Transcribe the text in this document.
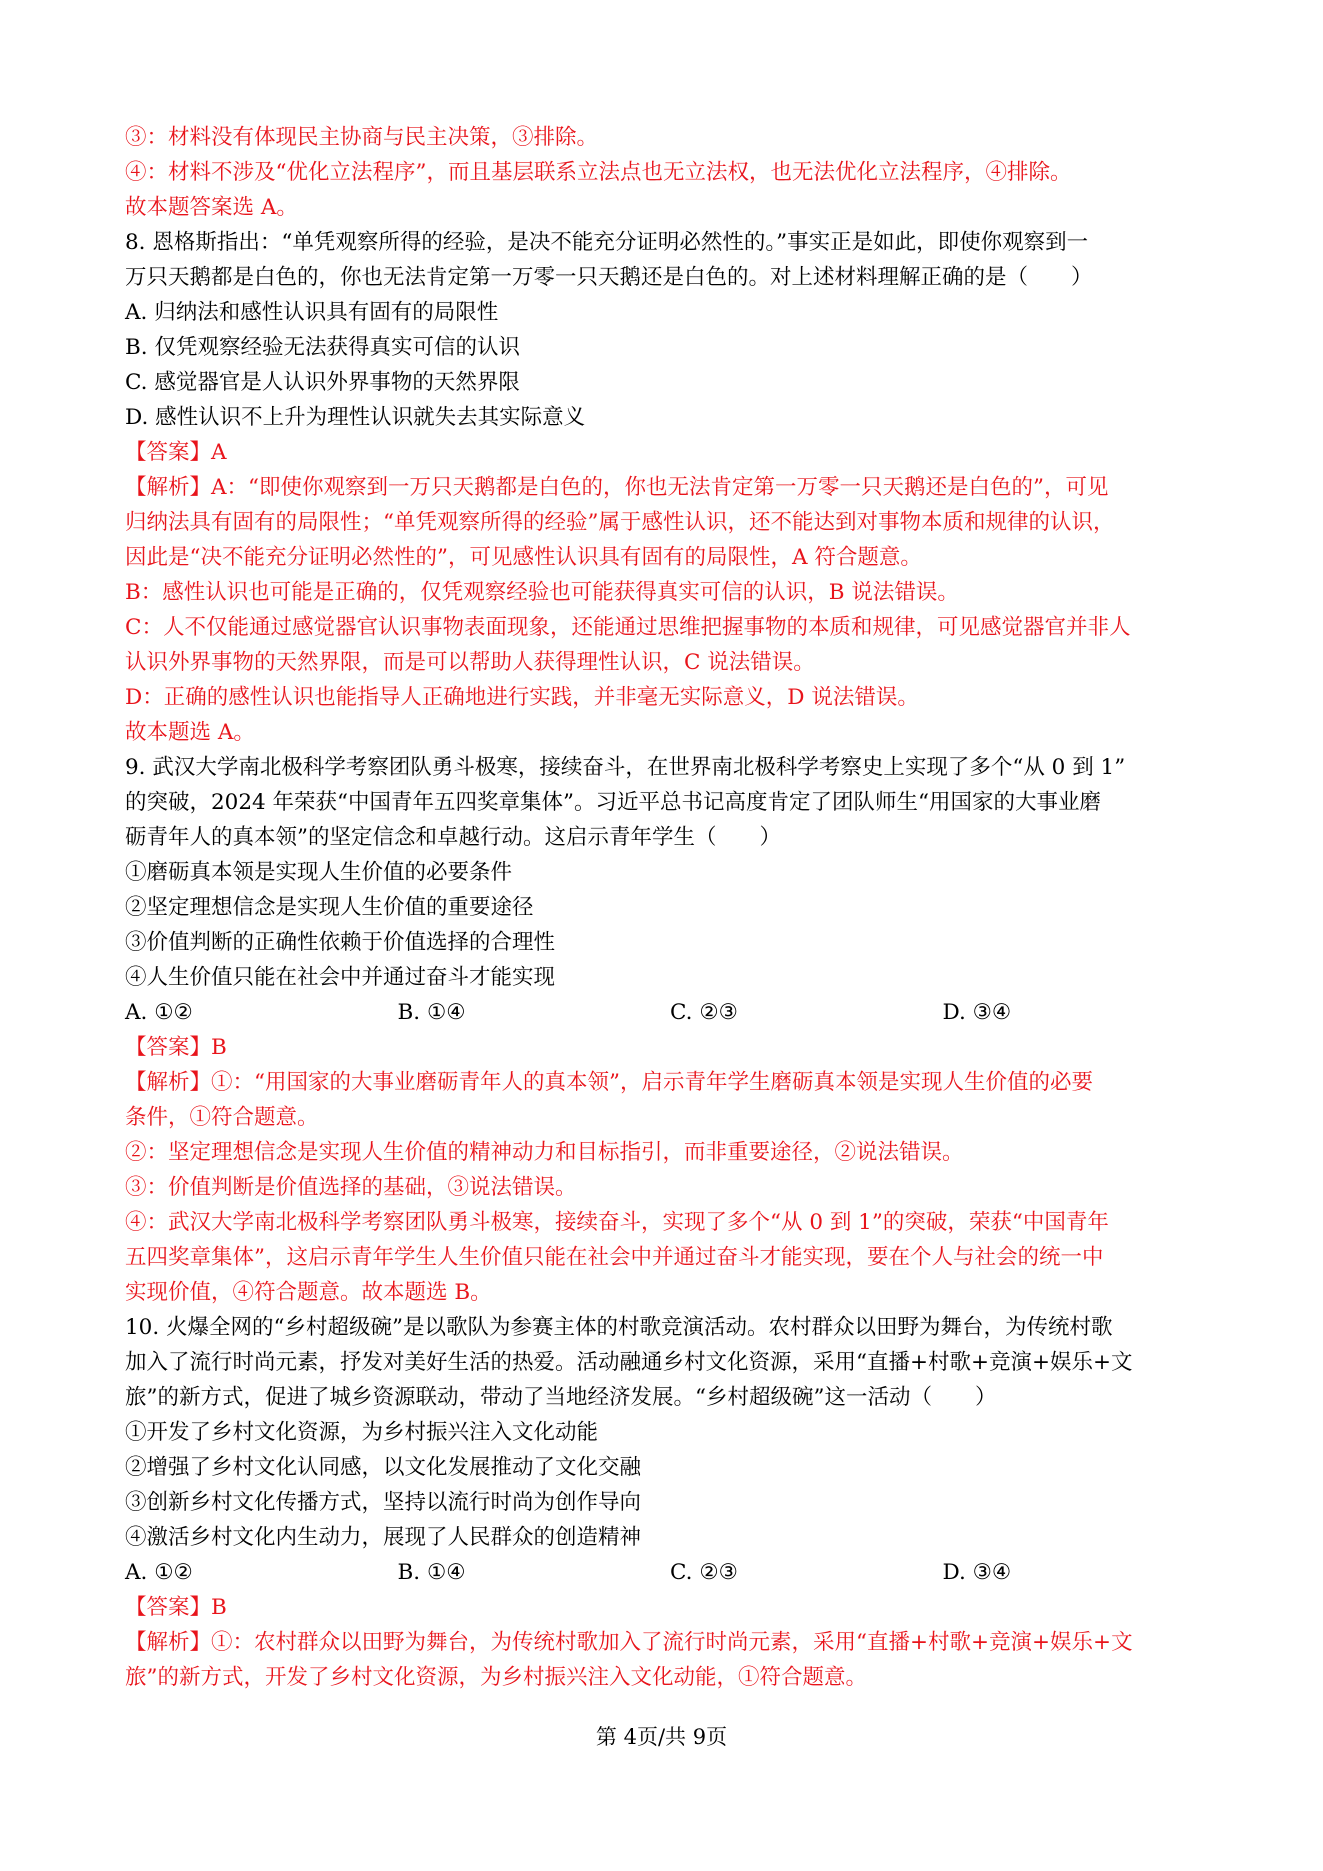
③：材料没有体现民主协商与民主决策，③排除。
④：材料不涉及“优化立法程序”，而且基层联系立法点也无立法权，也无法优化立法程序，④排除。
故本题答案选 A。
8. 恩格斯指出：“单凭观察所得的经验，是决不能充分证明必然性的。”事实正是如此，即使你观察到一
万只天鹅都是白色的，你也无法肯定第一万零一只天鹅还是白色的。对上述材料理解正确的是（　　）
A. 归纳法和感性认识具有固有的局限性
B. 仅凭观察经验无法获得真实可信的认识
C. 感觉器官是人认识外界事物的天然界限
D. 感性认识不上升为理性认识就失去其实际意义
【答案】A
【解析】A：“即使你观察到一万只天鹅都是白色的，你也无法肯定第一万零一只天鹅还是白色的”，可见
归纳法具有固有的局限性；“单凭观察所得的经验”属于感性认识，还不能达到对事物本质和规律的认识，
因此是“决不能充分证明必然性的”，可见感性认识具有固有的局限性，A 符合题意。
B：感性认识也可能是正确的，仅凭观察经验也可能获得真实可信的认识，B 说法错误。
C：人不仅能通过感觉器官认识事物表面现象，还能通过思维把握事物的本质和规律，可见感觉器官并非人
认识外界事物的天然界限，而是可以帮助人获得理性认识，C 说法错误。
D：正确的感性认识也能指导人正确地进行实践，并非毫无实际意义，D 说法错误。
故本题选 A。
9. 武汉大学南北极科学考察团队勇斗极寒，接续奋斗，在世界南北极科学考察史上实现了多个“从 0 到 1”
的突破，2024 年荣获“中国青年五四奖章集体”。习近平总书记高度肯定了团队师生“用国家的大事业磨
砺青年人的真本领”的坚定信念和卓越行动。这启示青年学生（　　）
①磨砺真本领是实现人生价值的必要条件
②坚定理想信念是实现人生价值的重要途径
③价值判断的正确性依赖于价值选择的合理性
④人生价值只能在社会中并通过奋斗才能实现
A. ①②	B. ①④	C. ②③	D. ③④
【答案】B
【解析】①：“用国家的大事业磨砺青年人的真本领”，启示青年学生磨砺真本领是实现人生价值的必要
条件，①符合题意。
②：坚定理想信念是实现人生价值的精神动力和目标指引，而非重要途径，②说法错误。
③：价值判断是价值选择的基础，③说法错误。
④：武汉大学南北极科学考察团队勇斗极寒，接续奋斗，实现了多个“从 0 到 1”的突破，荣获“中国青年
五四奖章集体”，这启示青年学生人生价值只能在社会中并通过奋斗才能实现，要在个人与社会的统一中
实现价值，④符合题意。故本题选 B。
10. 火爆全网的“乡村超级碗”是以歌队为参赛主体的村歌竞演活动。农村群众以田野为舞台，为传统村歌
加入了流行时尚元素，抒发对美好生活的热爱。活动融通乡村文化资源，采用“直播+村歌+竞演+娱乐+文
旅”的新方式，促进了城乡资源联动，带动了当地经济发展。“乡村超级碗”这一活动（　　）
①开发了乡村文化资源，为乡村振兴注入文化动能
②增强了乡村文化认同感，以文化发展推动了文化交融
③创新乡村文化传播方式，坚持以流行时尚为创作导向
④激活乡村文化内生动力，展现了人民群众的创造精神
A. ①②	B. ①④	C. ②③	D. ③④
【答案】B
【解析】①：农村群众以田野为舞台，为传统村歌加入了流行时尚元素，采用“直播+村歌+竞演+娱乐+文
旅”的新方式，开发了乡村文化资源，为乡村振兴注入文化动能，①符合题意。
第 4页/共 9页
